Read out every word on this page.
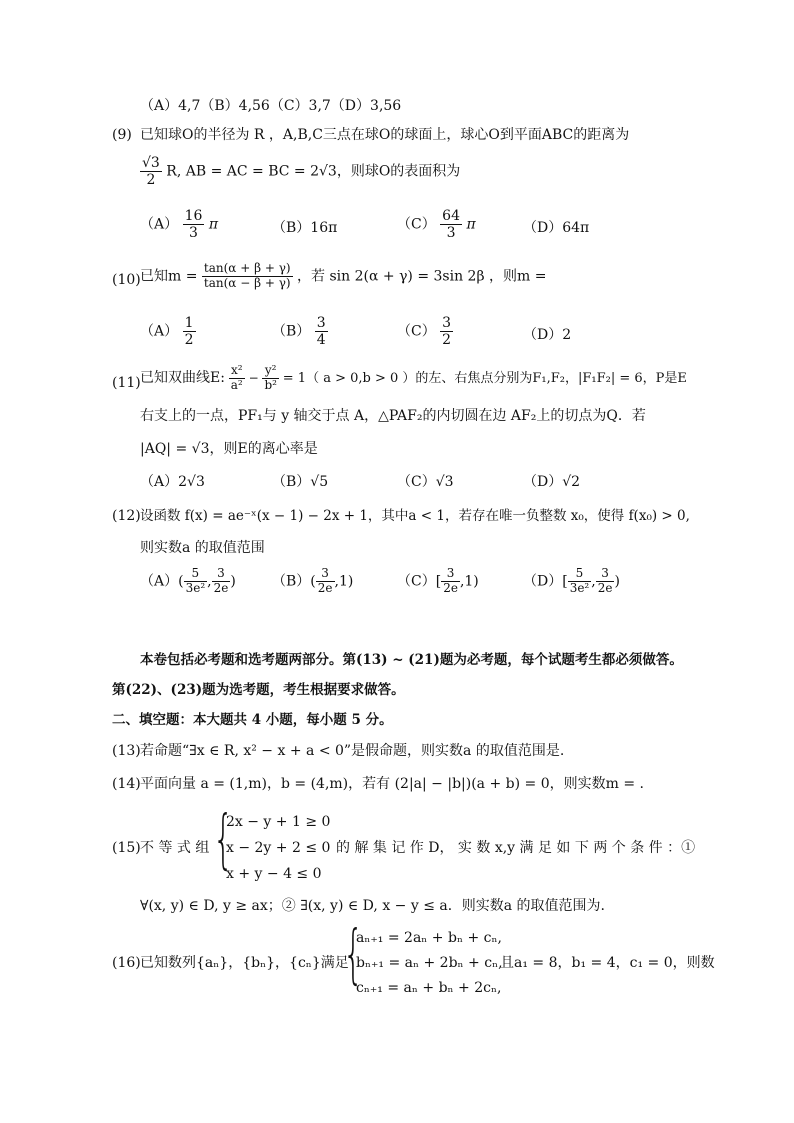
（A）4,7（B）4,56（C）3,7（D）3,56
(9) 已知球O的半径为 R ，A,B,C三点在球O的球面上，球心O到平面ABC的距离为
$\frac{√3}{2} R$, AB = AC = BC = 2√3，则球O的表面积为
$(A) \frac{16}{3}$ π	（B）16π	$(C) \frac{64}{3}$ π	（D）64π
(10) 已知$m = \frac{\tan(\alpha + \beta + \gamma)}{\tan(\alpha - \beta + \gamma)}$ ，若 sin 2(α + γ) = 3sin 2β ，则m =
$(A) \frac{1}{2}$	$(B) \frac{3}{4}$	$(C) \frac{3}{2}$	（D）2
(11) 已知双曲线E: $\frac{\text{x²}}{\text{a²}} - \frac{\text{y²}}{\text{b²}} = 1$（ a > 0,b > 0 ）的左、右焦点分别为F₁,F₂，|F₁F₂| = 6，P是E
右支上的一点，PF₁与 y 轴交于点 A，△PAF₂的内切圆在边 AF₂上的切点为Q．若
|AQ| = √3，则E的离心率是
（A）2√3	（B）√5	（C）√3	（D）√2
(12) 设函数 f(x) = ae⁻ˣ(x − 1) − 2x + 1，其中a < 1，若存在唯一负整数 x₀，使得 f(x₀) > 0,
则实数a 的取值范围
$(A)( \frac{5}{\text{3e²}}$ , $\frac{3}{2e}$ )	$(B)( \frac{3}{2e} ,1)$	$(C)[ \frac{3}{2e} ,1)$	$(D)[ \frac{5}{\text{3e²}}$ , $\frac{3}{2e}$ )
本卷包括必考题和选考题两部分。第(13) ~ (21)题为必考题，每个试题考生都必须做答。
第(22)、(23)题为选考题，考生根据要求做答。
二、填空题：本大题共 4 小题，每小题 5 分。
(13) 若命题“∃x ∈ R, x² − x + a < 0”是假命题，则实数a 的取值范围是.
(14) 平面向量 a = (1,m)，b = (4,m)，若有 (2|a| − |b|)(a + b) = 0，则实数m = .
(15) 不 等 式 组 {
2x − y + 1 ≥ 0
x − 2y + 2 ≤ 0
x + y − 4 ≤ 0
的 解 集 记 作 D， 实 数 x,y 满 足 如 下 两 个 条 件 ：①
∀(x, y) ∈ D, y ≥ ax；② ∃(x, y) ∈ D, x − y ≤ a．则实数a 的取值范围为.
(16) 已知数列{aₙ}，{bₙ}，{cₙ}满足
{
aₙ₊₁ = 2aₙ + bₙ + cₙ,
bₙ₊₁ = aₙ + 2bₙ + cₙ,
cₙ₊₁ = aₙ + bₙ + 2cₙ,
且a₁ = 8，b₁ = 4，c₁ = 0，则数
